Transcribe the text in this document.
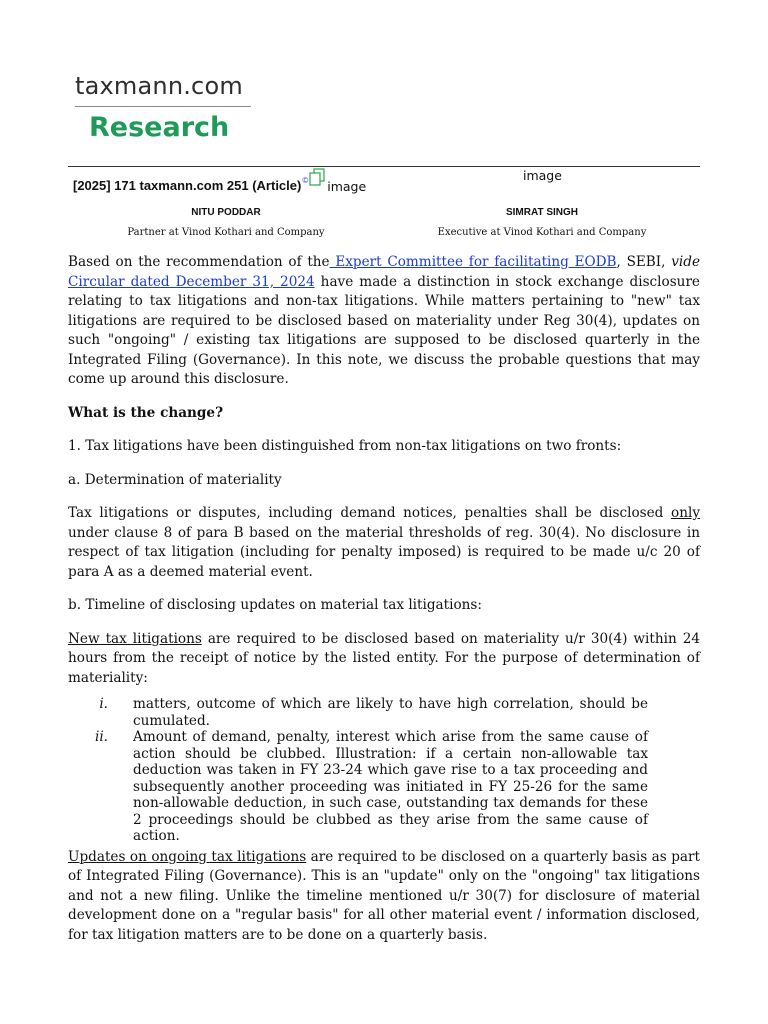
taxmann.com
Research
image
[2025] 171 taxmann.com 251 (Article) © image
NITU PODDAR
Partner at Vinod Kothari and Company
SIMRAT SINGH
Executive at Vinod Kothari and Company

Based on the recommendation of the Expert Committee for facilitating EODB, SEBI, vide Circular dated December 31, 2024 have made a distinction in stock exchange disclosure relating to tax litigations and non-tax litigations. While matters pertaining to "new" tax litigations are required to be disclosed based on materiality under Reg 30(4), updates on such "ongoing" / existing tax litigations are supposed to be disclosed quarterly in the Integrated Filing (Governance). In this note, we discuss the probable questions that may come up around this disclosure.

What is the change?

1. Tax litigations have been distinguished from non-tax litigations on two fronts:

a. Determination of materiality

Tax litigations or disputes, including demand notices, penalties shall be disclosed only under clause 8 of para B based on the material thresholds of reg. 30(4). No disclosure in respect of tax litigation (including for penalty imposed) is required to be made u/c 20 of para A as a deemed material event.

b. Timeline of disclosing updates on material tax litigations:

New tax litigations are required to be disclosed based on materiality u/r 30(4) within 24 hours from the receipt of notice by the listed entity. For the purpose of determination of materiality:

i.	matters, outcome of which are likely to have high correlation, should be cumulated.
ii.	Amount of demand, penalty, interest which arise from the same cause of action should be clubbed. Illustration: if a certain non-allowable tax deduction was taken in FY 23-24 which gave rise to a tax proceeding and subsequently another proceeding was initiated in FY 25-26 for the same non-allowable deduction, in such case, outstanding tax demands for these 2 proceedings should be clubbed as they arise from the same cause of action.

Updates on ongoing tax litigations are required to be disclosed on a quarterly basis as part of Integrated Filing (Governance). This is an "update" only on the "ongoing" tax litigations and not a new filing. Unlike the timeline mentioned u/r 30(7) for disclosure of material development done on a "regular basis" for all other material event / information disclosed, for tax litigation matters are to be done on a quarterly basis.
